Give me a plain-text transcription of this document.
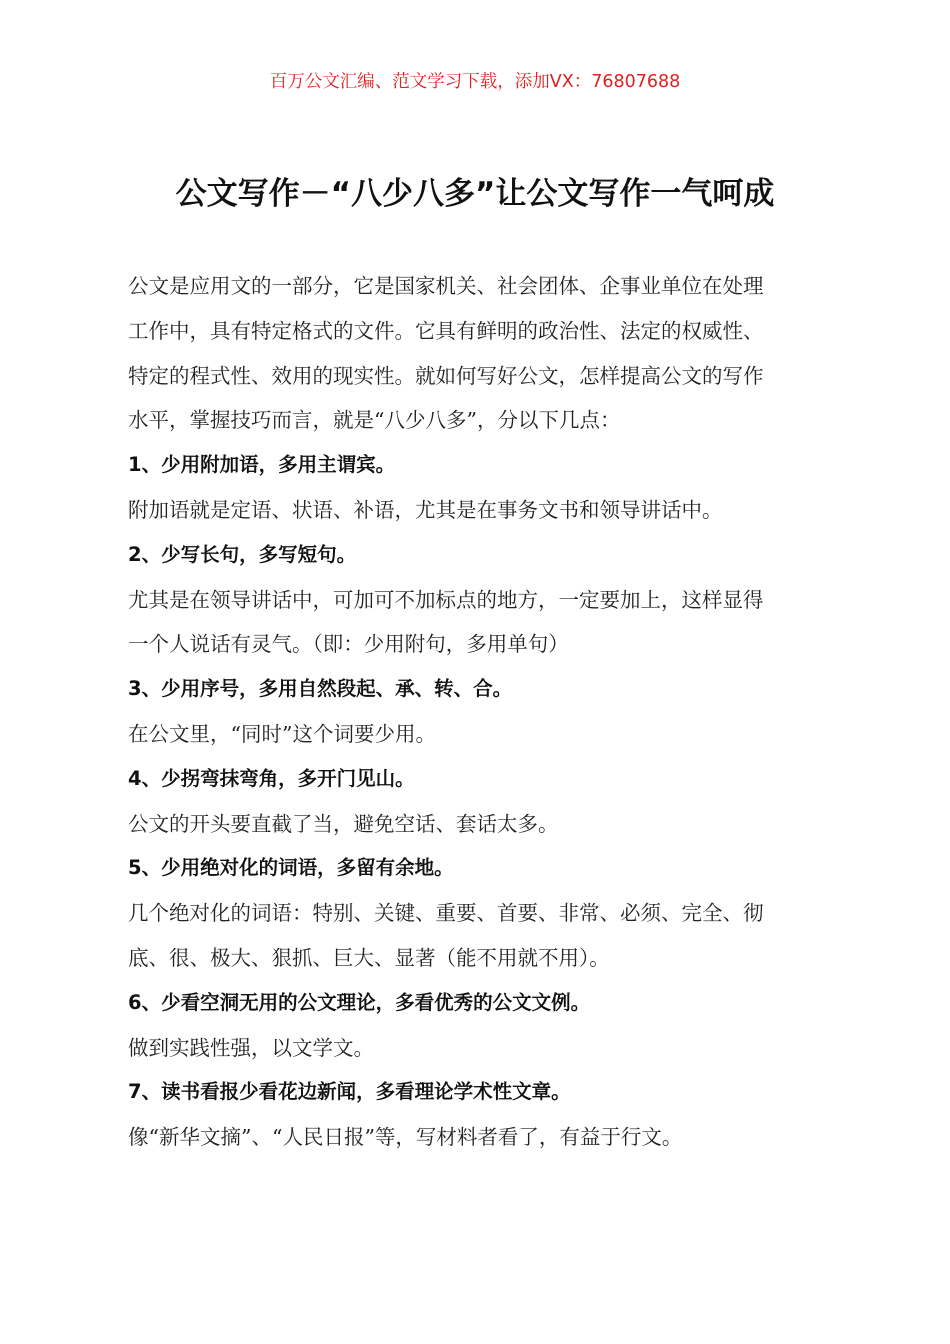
百万公文汇编、范文学习下载，添加VX：76807688
公文写作－“八少八多”让公文写作一气呵成

公文是应用文的一部分，它是国家机关、社会团体、企事业单位在处理

工作中，具有特定格式的文件。它具有鲜明的政治性、法定的权威性、

特定的程式性、效用的现实性。就如何写好公文，怎样提高公文的写作

水平，掌握技巧而言，就是“八少八多”，分以下几点：

1、少用附加语，多用主谓宾。

附加语就是定语、状语、补语，尤其是在事务文书和领导讲话中。

2、少写长句，多写短句。

尤其是在领导讲话中，可加可不加标点的地方，一定要加上，这样显得

一个人说话有灵气。（即：少用附句，多用单句）

3、少用序号，多用自然段起、承、转、合。

在公文里，“同时”这个词要少用。

4、少拐弯抹弯角，多开门见山。

公文的开头要直截了当，避免空话、套话太多。

5、少用绝对化的词语，多留有余地。

几个绝对化的词语：特别、关键、重要、首要、非常、必须、完全、彻

底、很、极大、狠抓、巨大、显著（能不用就不用）。

6、少看空洞无用的公文理论，多看优秀的公文文例。

做到实践性强，以文学文。

7、读书看报少看花边新闻，多看理论学术性文章。

像“新华文摘”、“人民日报”等，写材料者看了，有益于行文。
